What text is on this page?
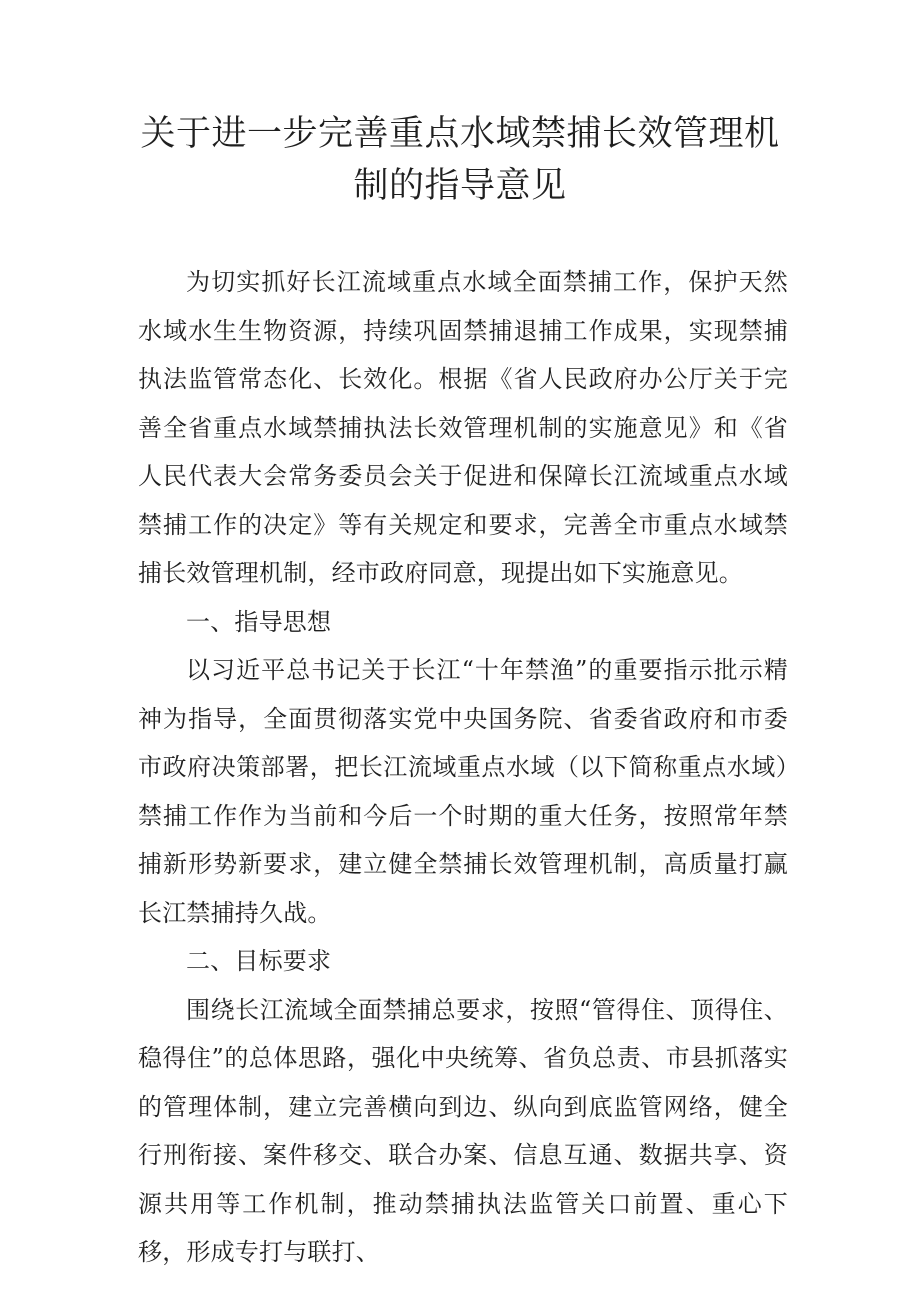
关于进一步完善重点水域禁捕长效管理机
制的指导意见

为切实抓好长江流域重点水域全面禁捕工作，保护天然水域水生生物资源，持续巩固禁捕退捕工作成果，实现禁捕执法监管常态化、长效化。根据《省人民政府办公厅关于完善全省重点水域禁捕执法长效管理机制的实施意见》和《省人民代表大会常务委员会关于促进和保障长江流域重点水域禁捕工作的决定》等有关规定和要求，完善全市重点水域禁捕长效管理机制，经市政府同意，现提出如下实施意见。

一、指导思想

以习近平总书记关于长江“十年禁渔”的重要指示批示精神为指导，全面贯彻落实党中央国务院、省委省政府和市委市政府决策部署，把长江流域重点水域（以下简称重点水域）禁捕工作作为当前和今后一个时期的重大任务，按照常年禁捕新形势新要求，建立健全禁捕长效管理机制，高质量打赢长江禁捕持久战。

二、目标要求

围绕长江流域全面禁捕总要求，按照“管得住、顶得住、稳得住”的总体思路，强化中央统筹、省负总责、市县抓落实的管理体制，建立完善横向到边、纵向到底监管网络，健全行刑衔接、案件移交、联合办案、信息互通、数据共享、资源共用等工作机制，推动禁捕执法监管关口前置、重心下移，形成专打与联打、
